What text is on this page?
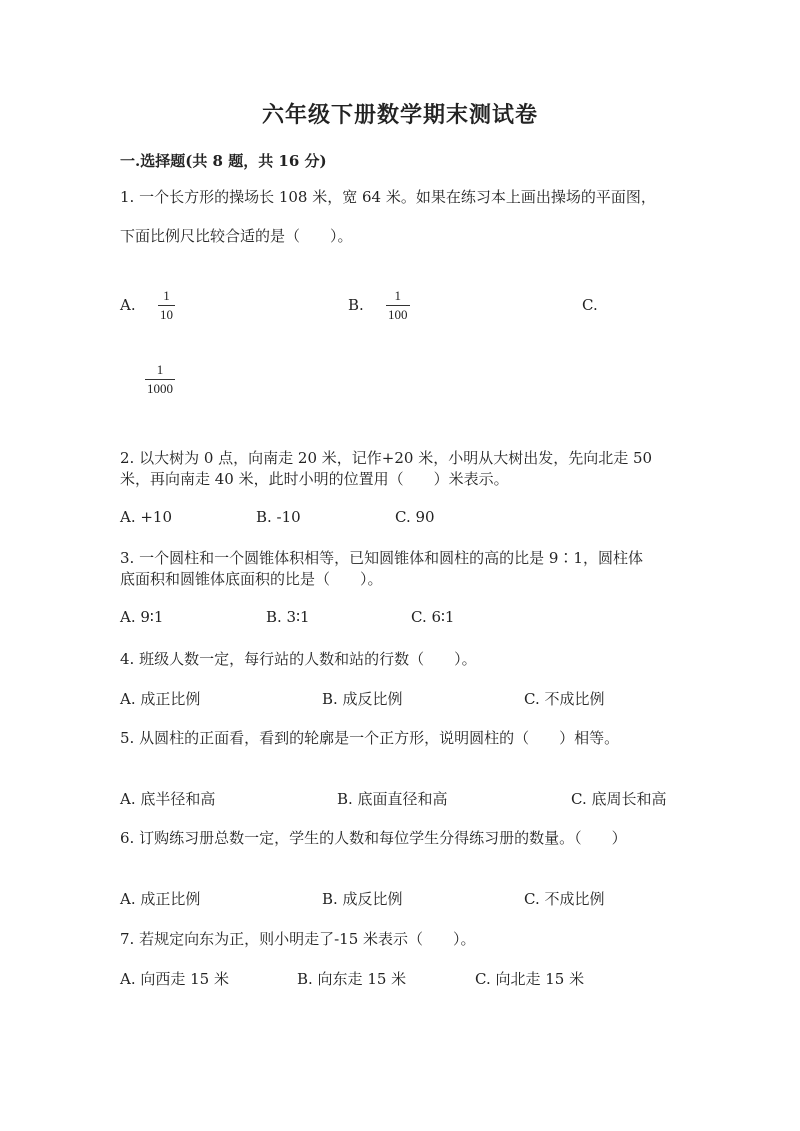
六年级下册数学期末测试卷
一.选择题(共 8 题，共 16 分)
1. 一个长方形的操场长 108 米，宽 64 米。如果在练习本上画出操场的平面图，
下面比例尺比较合适的是（　　）。
A.
1
10
B.
1
100
C.
1
1000
2. 以大树为 0 点，向南走 20 米，记作+20 米，小明从大树出发，先向北走 50
米，再向南走 40 米，此时小明的位置用（　　）米表示。
A. +10	B. -10	C. 90
3. 一个圆柱和一个圆锥体积相等，已知圆锥体和圆柱的高的比是 9∶1，圆柱体
底面积和圆锥体底面积的比是（　　）。
A. 9∶1	B. 3∶1	C. 6∶1
4. 班级人数一定，每行站的人数和站的行数（　　）。
A. 成正比例	B. 成反比例	C. 不成比例
5. 从圆柱的正面看，看到的轮廓是一个正方形，说明圆柱的（　　）相等。
A. 底半径和高	B. 底面直径和高	C. 底周长和高
6. 订购练习册总数一定，学生的人数和每位学生分得练习册的数量。（　　）
A. 成正比例	B. 成反比例	C. 不成比例
7. 若规定向东为正，则小明走了-15 米表示（　　）。
A. 向西走 15 米	B. 向东走 15 米	C. 向北走 15 米
